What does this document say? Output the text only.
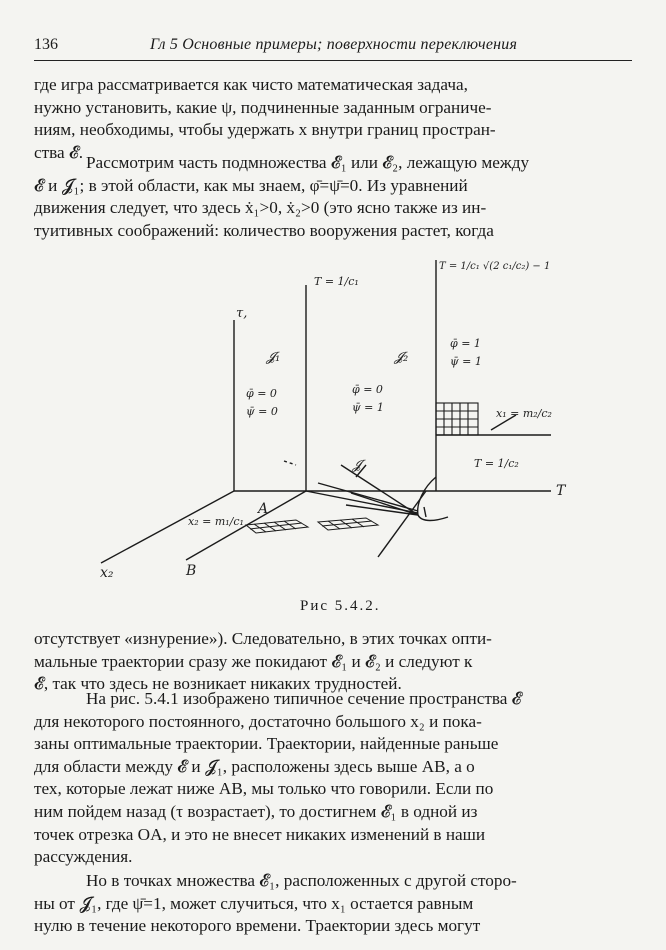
136	Гл 5 Основные примеры; поверхности переключения
где игра рассматривается как чисто математическая задача,
нужно установить, какие ψ, подчиненные заданным ограниче-
ниям, необходимы, чтобы удержать x внутри границ простран-
ства 𝓔.
Рассмотрим часть подмножества 𝓔₁ или 𝓔₂, лежащую между
𝓔 и 𝓙₁; в этой области, как мы знаем, φ̄=ψ̄=0. Из уравнений
движения следует, что здесь ẋ₁>0, ẋ₂>0 (это ясно также из ин-
туитивных соображений: количество вооружения растет, когда
τ,
T
x₂	B
A
𝓙₁	𝓙₂
𝓙
T = 1/c₁
T = 1/c₁ √(2 c₁/c₂) − 1
T = 1/c₂
x₁ = m₂/c₂
x₂ = m₁/c₁
φ̄ = 0
ψ̄ = 0
φ̄ = 0
ψ̄ = 1
φ̄ = 1
ψ̄ = 1
Рис 5.4.2.
отсутствует «изнурение»). Следовательно, в этих точках опти-
мальные траектории сразу же покидают 𝓔₁ и 𝓔₂ и следуют к
𝓔, так что здесь не возникает никаких трудностей.
На рис. 5.4.1 изображено типичное сечение пространства 𝓔
для некоторого постоянного, достаточно большого x₂ и пока-
заны оптимальные траектории. Траектории, найденные раньше
для области между 𝓔 и 𝓙₁, расположены здесь выше AB, а о
тех, которые лежат ниже AB, мы только что говорили. Если по
ним пойдем назад (τ возрастает), то достигнем 𝓔₁ в одной из
точек отрезка OA, и это не внесет никаких изменений в наши
рассуждения.
Но в точках множества 𝓔₁, расположенных с другой сторо-
ны от 𝓙₁, где ψ̄=1, может случиться, что x₁ остается равным
нулю в течение некоторого времени. Траектории здесь могут
